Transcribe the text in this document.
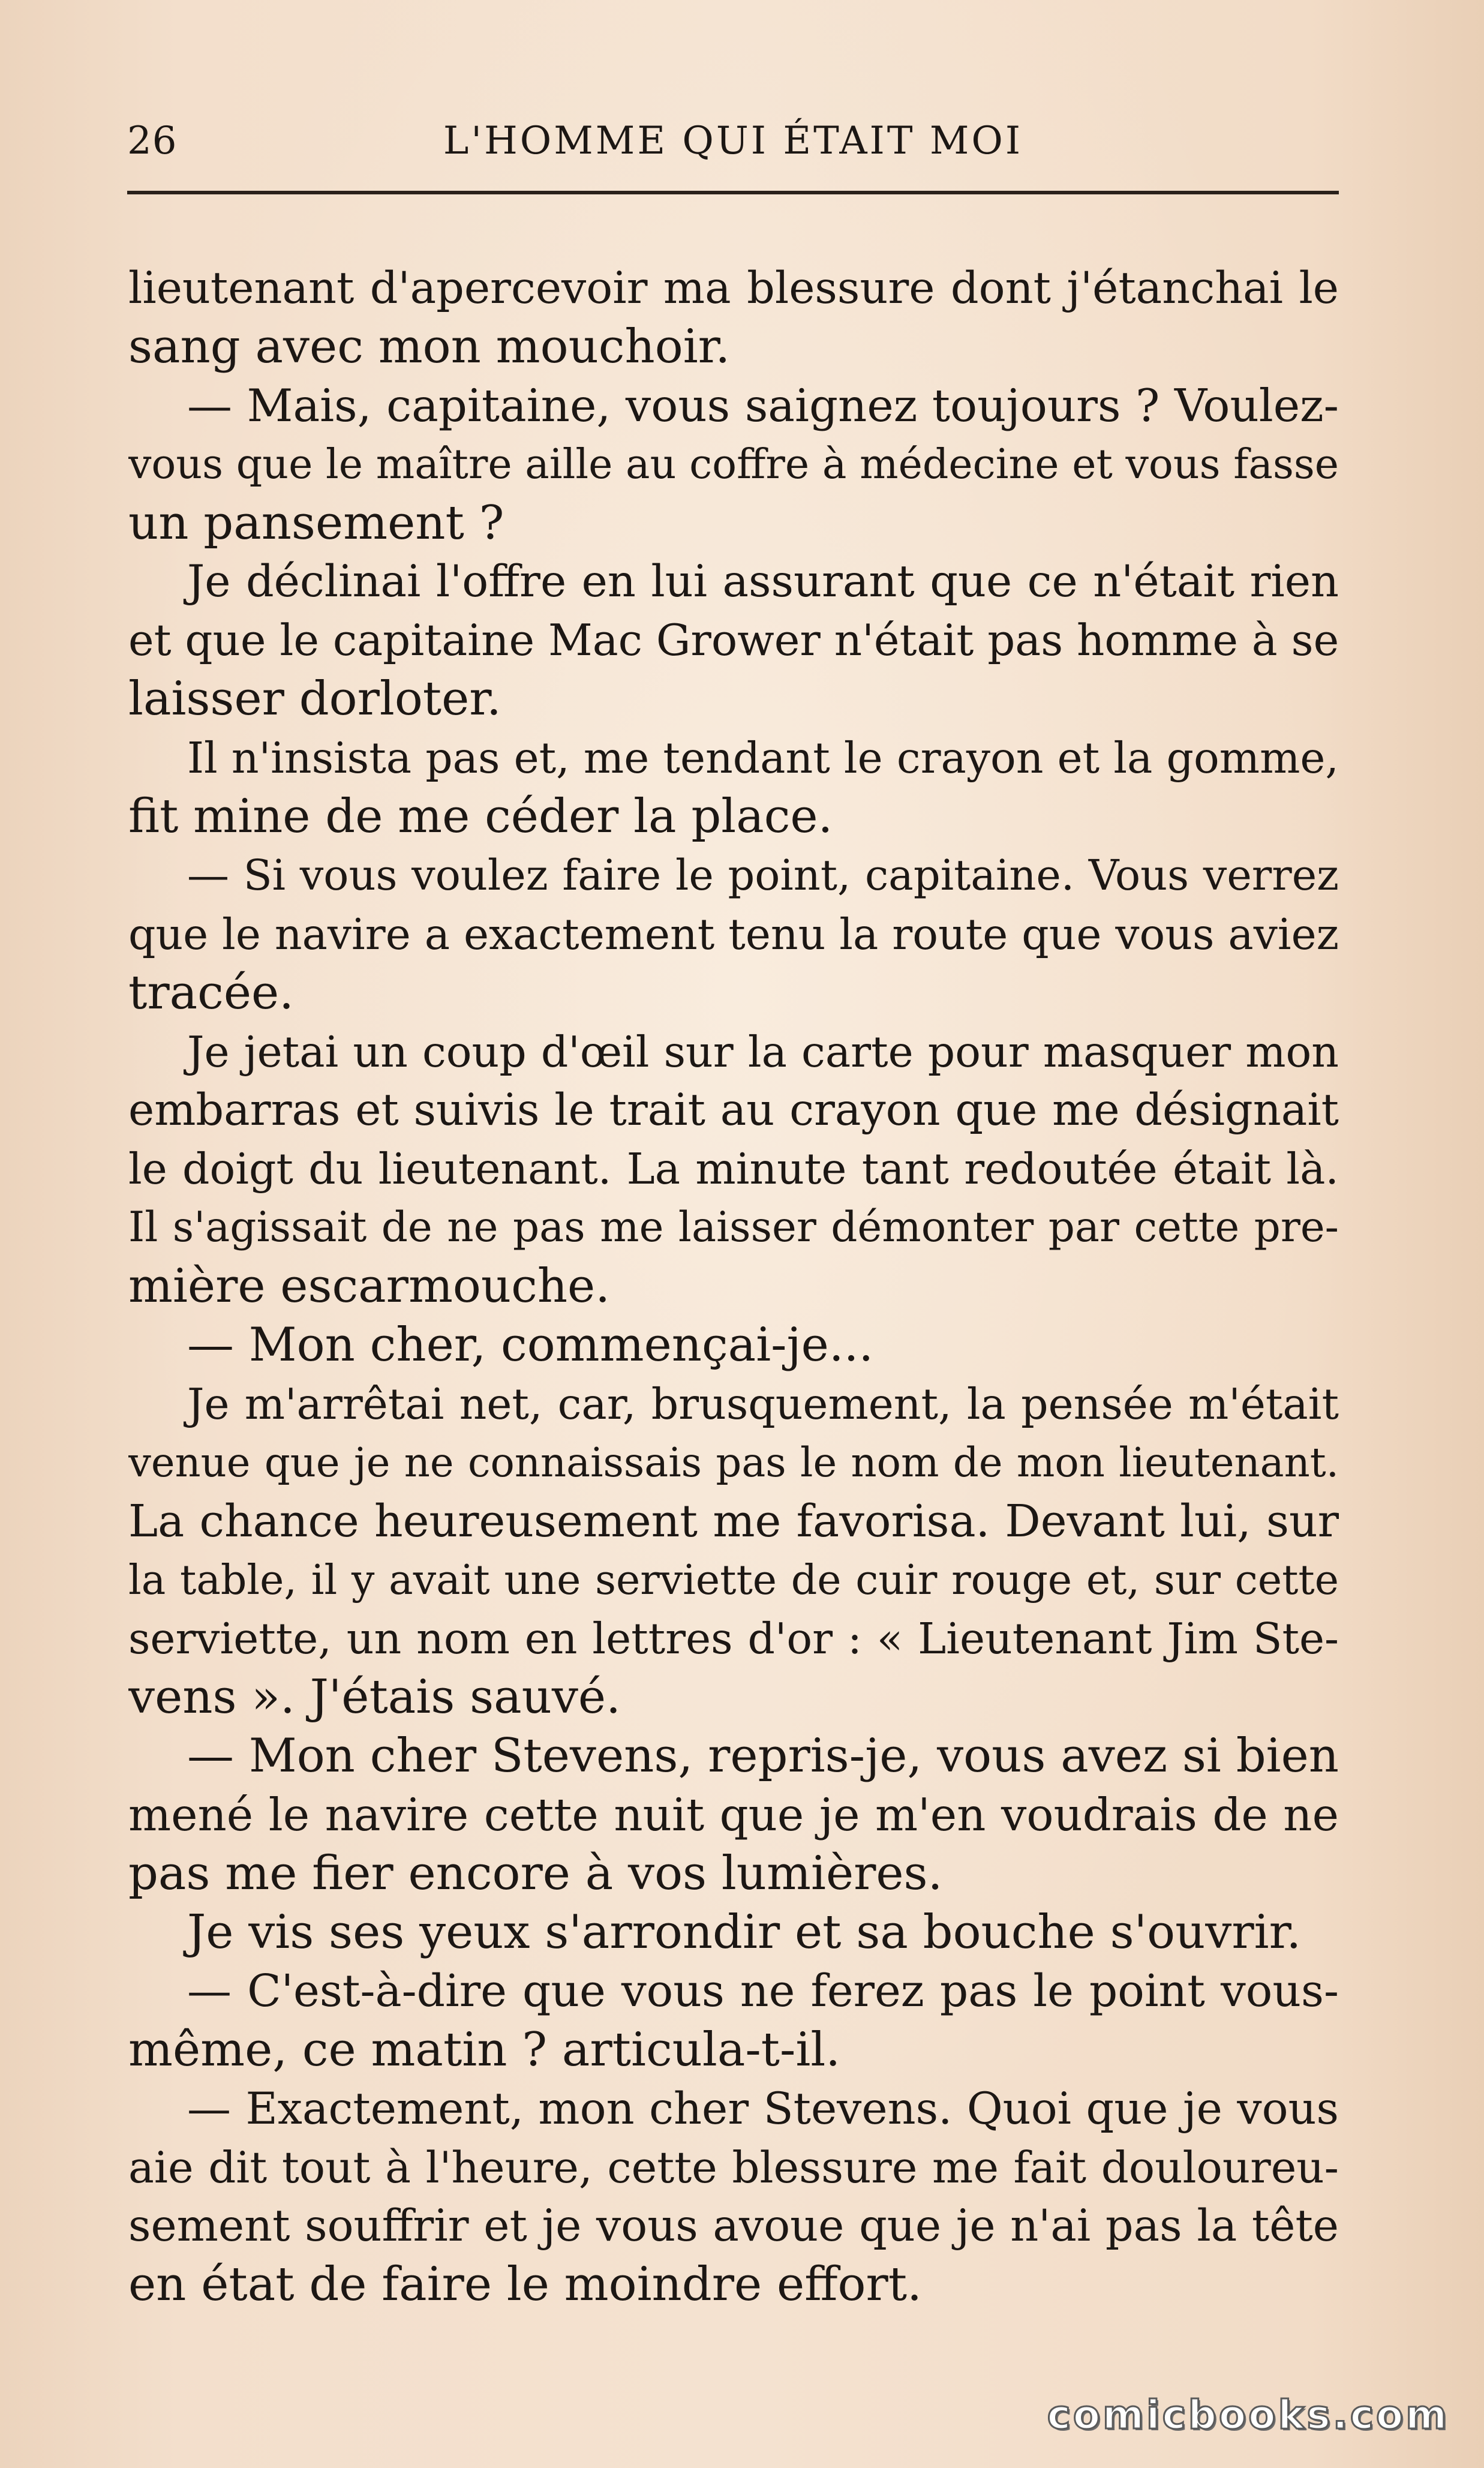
26	L'HOMME QUI ÉTAIT MOI
lieutenant d'apercevoir ma blessure dont j'étanchai le
sang avec mon mouchoir.
— Mais, capitaine, vous saignez toujours ? Voulez-
vous que le maître aille au coffre à médecine et vous fasse
un pansement ?
Je déclinai l'offre en lui assurant que ce n'était rien
et que le capitaine Mac Grower n'était pas homme à se
laisser dorloter.
Il n'insista pas et, me tendant le crayon et la gomme,
fit mine de me céder la place.
— Si vous voulez faire le point, capitaine. Vous verrez
que le navire a exactement tenu la route que vous aviez
tracée.
Je jetai un coup d'œil sur la carte pour masquer mon
embarras et suivis le trait au crayon que me désignait
le doigt du lieutenant. La minute tant redoutée était là.
Il s'agissait de ne pas me laisser démonter par cette pre-
mière escarmouche.
— Mon cher, commençai-je...
Je m'arrêtai net, car, brusquement, la pensée m'était
venue que je ne connaissais pas le nom de mon lieutenant.
La chance heureusement me favorisa. Devant lui, sur
la table, il y avait une serviette de cuir rouge et, sur cette
serviette, un nom en lettres d'or : « Lieutenant Jim Ste-
vens ». J'étais sauvé.
— Mon cher Stevens, repris-je, vous avez si bien
mené le navire cette nuit que je m'en voudrais de ne
pas me fier encore à vos lumières.
Je vis ses yeux s'arrondir et sa bouche s'ouvrir.
— C'est-à-dire que vous ne ferez pas le point vous-
même, ce matin ? articula-t-il.
— Exactement, mon cher Stevens. Quoi que je vous
aie dit tout à l'heure, cette blessure me fait douloureu-
sement souffrir et je vous avoue que je n'ai pas la tête
en état de faire le moindre effort.
comicbooks.com
